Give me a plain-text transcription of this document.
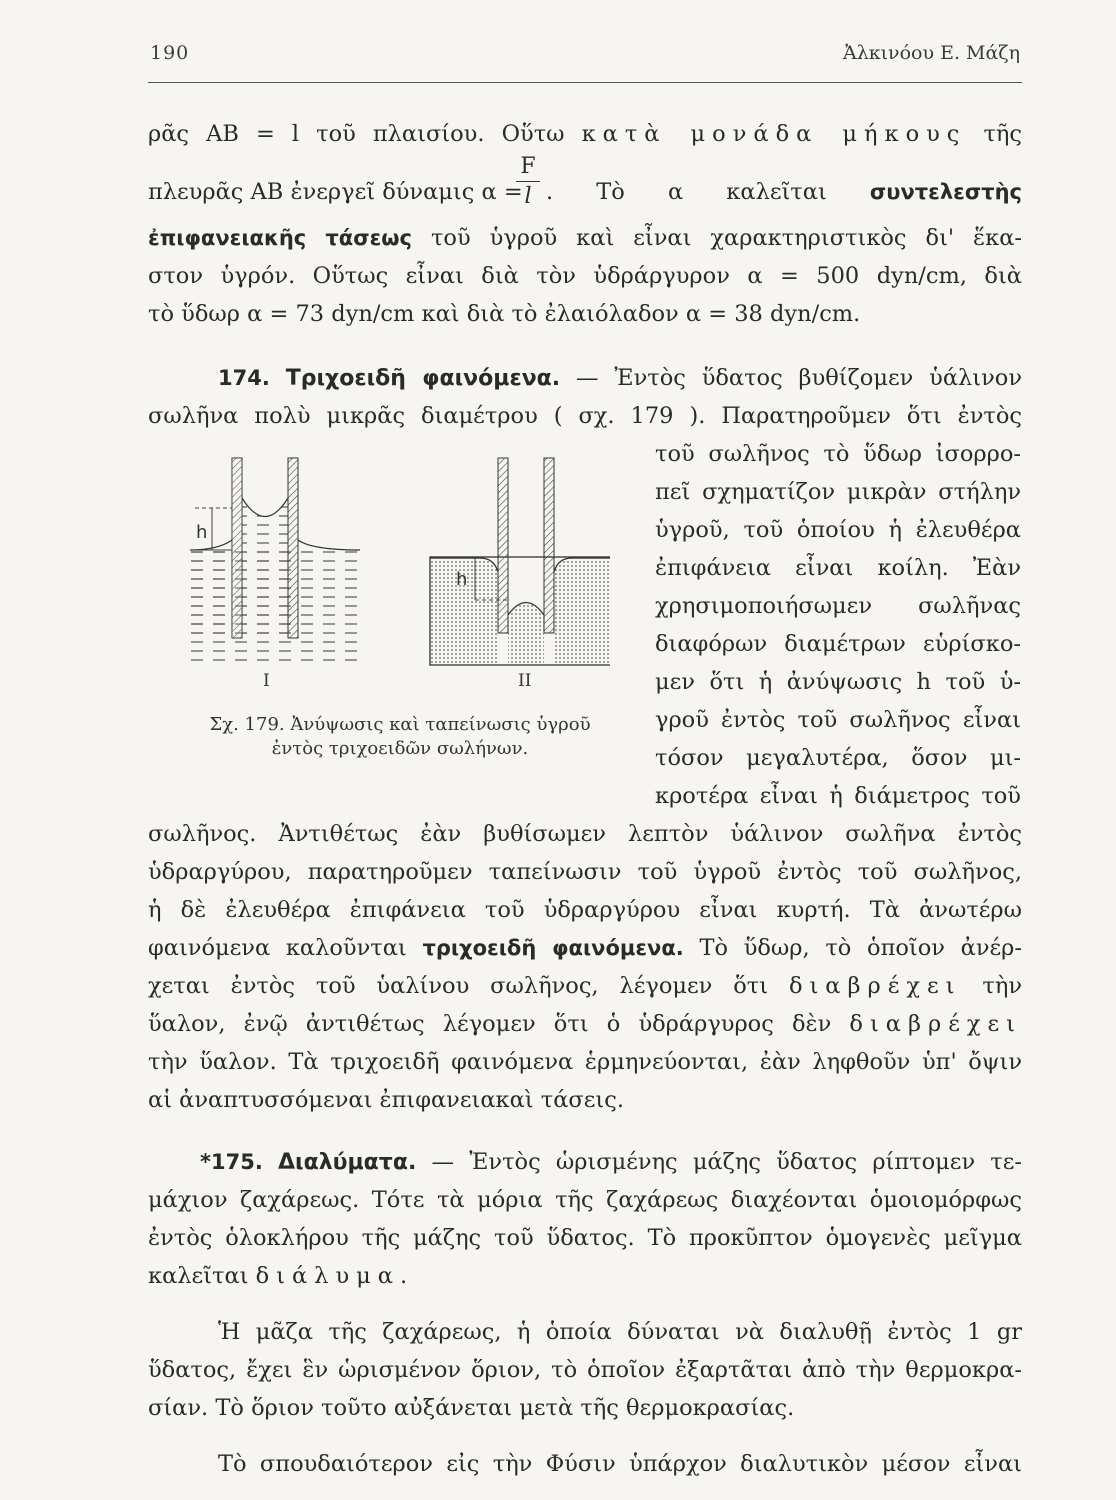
190	Ἀλκινόου Ε. Μάζη
ρᾶς ΑΒ = l τοῦ πλαισίου. Οὕτω κατὰ μονάδα μήκους τῆς
πλευρᾶς ΑΒ ἐνεργεῖ δύναμις α =
F
l . Τὸ α καλεῖται συντελεστὴς
ἐπιφανειακῆς τάσεως τοῦ ὑγροῦ καὶ εἶναι χαρακτηριστικὸς δι' ἕκα-
στον ὑγρόν. Οὕτως εἶναι διὰ τὸν ὑδράργυρον α = 500 dyn/cm, διὰ
τὸ ὕδωρ α = 73 dyn/cm καὶ διὰ τὸ ἐλαιόλαδον α = 38 dyn/cm.
174. Τριχοειδῆ φαινόμενα. — Ἐντὸς ὕδατος βυθίζομεν ὑάλινον
σωλῆνα πολὺ μικρᾶς διαμέτρου ( σχ. 179 ). Παρατηροῦμεν ὅτι ἐντὸς
τοῦ σωλῆνος τὸ ὕδωρ ἰσορρο-
πεῖ σχηματίζον μικρὰν στήλην
ὑγροῦ, τοῦ ὁποίου ἡ ἐλευθέρα
ἐπιφάνεια εἶναι κοίλη. Ἐὰν
χρησιμοποιήσωμεν σωλῆνας
διαφόρων διαμέτρων εὑρίσκο-
μεν ὅτι ἡ ἀνύψωσις h τοῦ ὑ-
γροῦ ἐντὸς τοῦ σωλῆνος εἶναι
τόσον μεγαλυτέρα, ὅσον μι-
κροτέρα εἶναι ἡ διάμετρος τοῦ
h
I
h
II
Σχ. 179. Ἀνύψωσις καὶ ταπείνωσις ὑγροῦ
ἐντὸς τριχοειδῶν σωλήνων.
σωλῆνος. Ἀντιθέτως ἐὰν βυθίσωμεν λεπτὸν ὑάλινον σωλῆνα ἐντὸς
ὑδραργύρου, παρατηροῦμεν ταπείνωσιν τοῦ ὑγροῦ ἐντὸς τοῦ σωλῆνος,
ἡ δὲ ἐλευθέρα ἐπιφάνεια τοῦ ὑδραργύρου εἶναι κυρτή. Τὰ ἀνωτέρω
φαινόμενα καλοῦνται τριχοειδῆ φαινόμενα. Τὸ ὕδωρ, τὸ ὁποῖον ἀνέρ-
χεται ἐντὸς τοῦ ὑαλίνου σωλῆνος, λέγομεν ὅτι διαβρέχει τὴν
ὕαλον, ἐνῷ ἀντιθέτως λέγομεν ὅτι ὁ ὑδράργυρος δὲν διαβρέχει
τὴν ὕαλον. Τὰ τριχοειδῆ φαινόμενα ἑρμηνεύονται, ἐὰν ληφθοῦν ὑπ' ὄψιν
αἱ ἀναπτυσσόμεναι ἐπιφανειακαὶ τάσεις.
*175. Διαλύματα. — Ἐντὸς ὡρισμένης μάζης ὕδατος ρίπτομεν τε-
μάχιον ζαχάρεως. Τότε τὰ μόρια τῆς ζαχάρεως διαχέονται ὁμοιομόρφως
ἐντὸς ὁλοκλήρου τῆς μάζης τοῦ ὕδατος. Τὸ προκῦπτον ὁμογενὲς μεῖγμα
καλεῖται διάλυμα.
Ἡ μᾶζα τῆς ζαχάρεως, ἡ ὁποία δύναται νὰ διαλυθῇ ἐντὸς 1 gr
ὕδατος, ἔχει ἓν ὡρισμένον ὅριον, τὸ ὁποῖον ἐξαρτᾶται ἀπὸ τὴν θερμοκρα-
σίαν. Τὸ ὅριον τοῦτο αὐξάνεται μετὰ τῆς θερμοκρασίας.
Τὸ σπουδαιότερον εἰς τὴν Φύσιν ὑπάρχον διαλυτικὸν μέσον εἶναι
